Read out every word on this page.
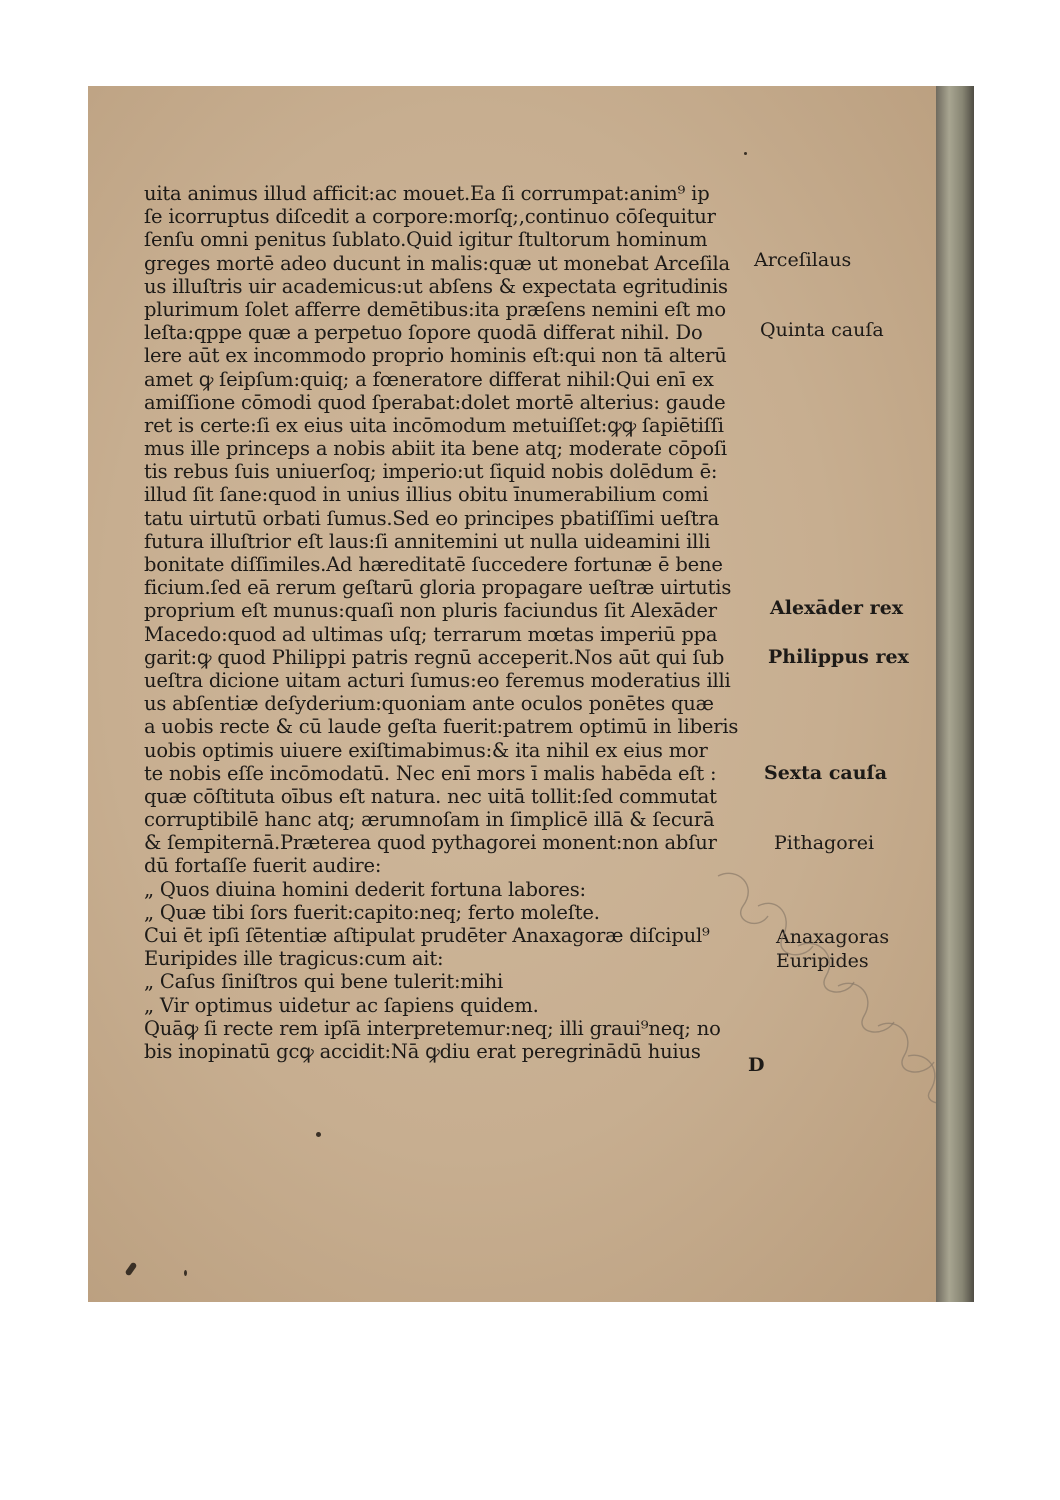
uita animus illud afficit:ac mouet.Ea ſi corrumpat:anim⁹ ip
ſe icorruptus diſcedit a corpore:morſq;,continuo cōſequitur
ſenſu omni penitus ſublato.Quid igitur ſtultorum hominum
greges mortē adeo ducunt in malis:quæ ut monebat Arceſila
us illuſtris uir academicus:ut abſens & expectata egritudinis
plurimum ſolet afferre demētibus:ita præſens nemini eſt mo
leſta:qppe quæ a perpetuo ſopore quodā differat nihil. Do
lere aūt ex incommodo proprio hominis eſt:qui non tā alterū
amet ꝙ ſeipſum:quiq; a fœneratore differat nihil:Qui enī ex
amiſſione cōmodi quod ſperabat:dolet mortē alterius: gaude
ret is certe:ſi ex eius uita incōmodum metuiſſet:ꝙꝙ ſapiētiſſi
mus ille princeps a nobis abiit ita bene atq; moderate cōpoſi
tis rebus ſuis uniuerſoq; imperio:ut ſiquid nobis dolēdum ē:
illud ſit ſane:quod in unius illius obitu īnumerabilium comi
tatu uirtutū orbati ſumus.Sed eo principes pbatiſſimi ueſtra
futura illuſtrior eſt laus:ſi annitemini ut nulla uideamini illi
bonitate diſſimiles.Ad hæreditatē ſuccedere fortunæ ē bene
ficium.ſed eā rerum geſtarū gloria propagare ueſtræ uirtutis
proprium eſt munus:quaſi non pluris faciundus ſit Alexāder
Macedo:quod ad ultimas uſq; terrarum mœtas imperiū ppa
garit:ꝙ quod Philippi patris regnū acceperit.Nos aūt qui ſub
ueſtra dicione uitam acturi ſumus:eo feremus moderatius illi
us abſentiæ deſyderium:quoniam ante oculos ponētes quæ
a uobis recte & cū laude geſta fuerit:patrem optimū in liberis
uobis optimis uiuere exiſtimabimus:& ita nihil ex eius mor
te nobis eſſe incōmodatū. Nec enī mors ī malis habēda eſt :
quæ cōſtituta oībus eſt natura. nec uitā tollit:ſed commutat
corruptibilē hanc atq; ærumnoſam in ſimplicē illā & ſecurā
& ſempiternā.Præterea quod pythagorei monent:non abſur
dū fortaſſe fuerit audire:
„ Quos diuina homini dederit fortuna labores:
„ Quæ tibi ſors fuerit:capito:neq; ferto moleſte.
Cui ēt ipſi ſētentiæ aſtipulat prudēter Anaxagoræ diſcipul⁹
Euripides ille tragicus:cum ait:
„ Caſus ſiniſtros qui bene tulerit:mihi
„ Vir optimus uidetur ac ſapiens quidem.
Quāꝙ ſi recte rem ipſā interpretemur:neq; illi graui⁹neq; no
bis inopinatū gcꝙ accidit:Nā ꝙdiu erat peregrinādū huius
Arceſilaus
Quinta cauſa
Alexāder rex
Philippus rex
Sexta cauſa
Pithagorei
Anaxagoras
Euripides
D
